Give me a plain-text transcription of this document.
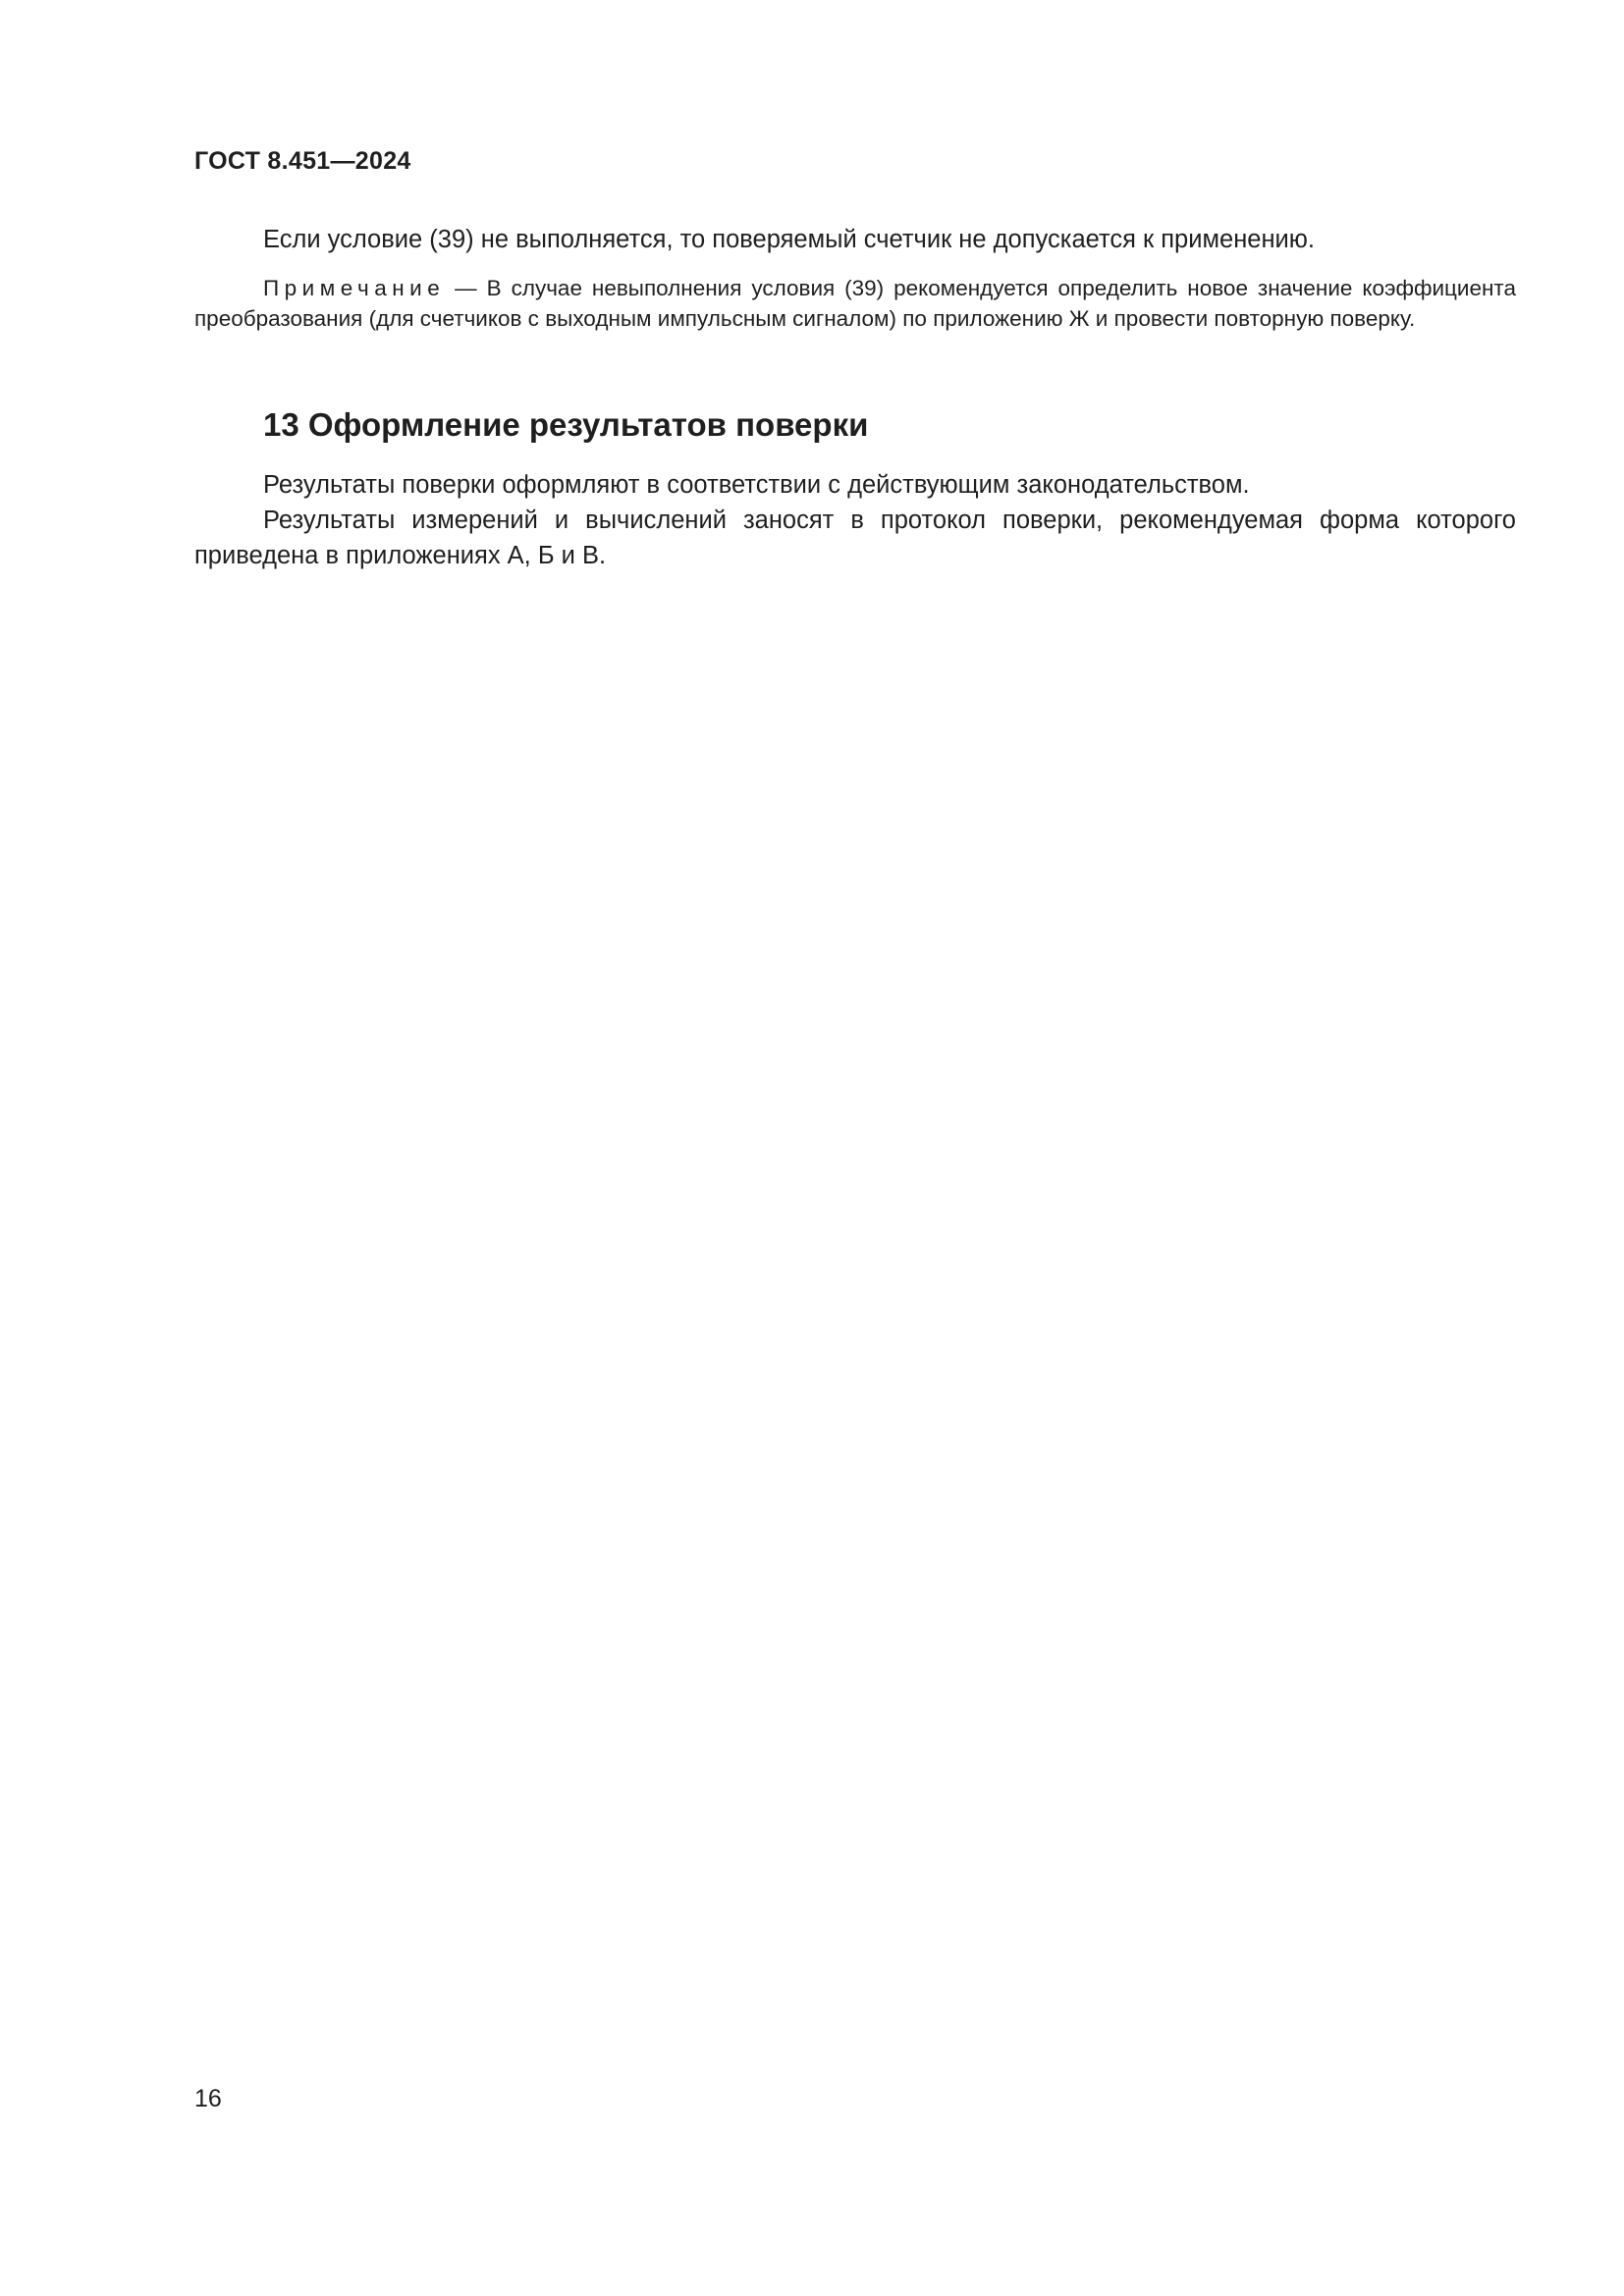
ГОСТ 8.451—2024
Если условие (39) не выполняется, то поверяемый счетчик не допускается к применению.
Примечание — В случае невыполнения условия (39) рекомендуется определить новое значение коэффициента преобразования (для счетчиков с выходным импульсным сигналом) по приложению Ж и провести повторную поверку.
13 Оформление результатов поверки
Результаты поверки оформляют в соответствии с действующим законодательством.
Результаты измерений и вычислений заносят в протокол поверки, рекомендуемая форма которого приведена в приложениях А, Б и В.
16
